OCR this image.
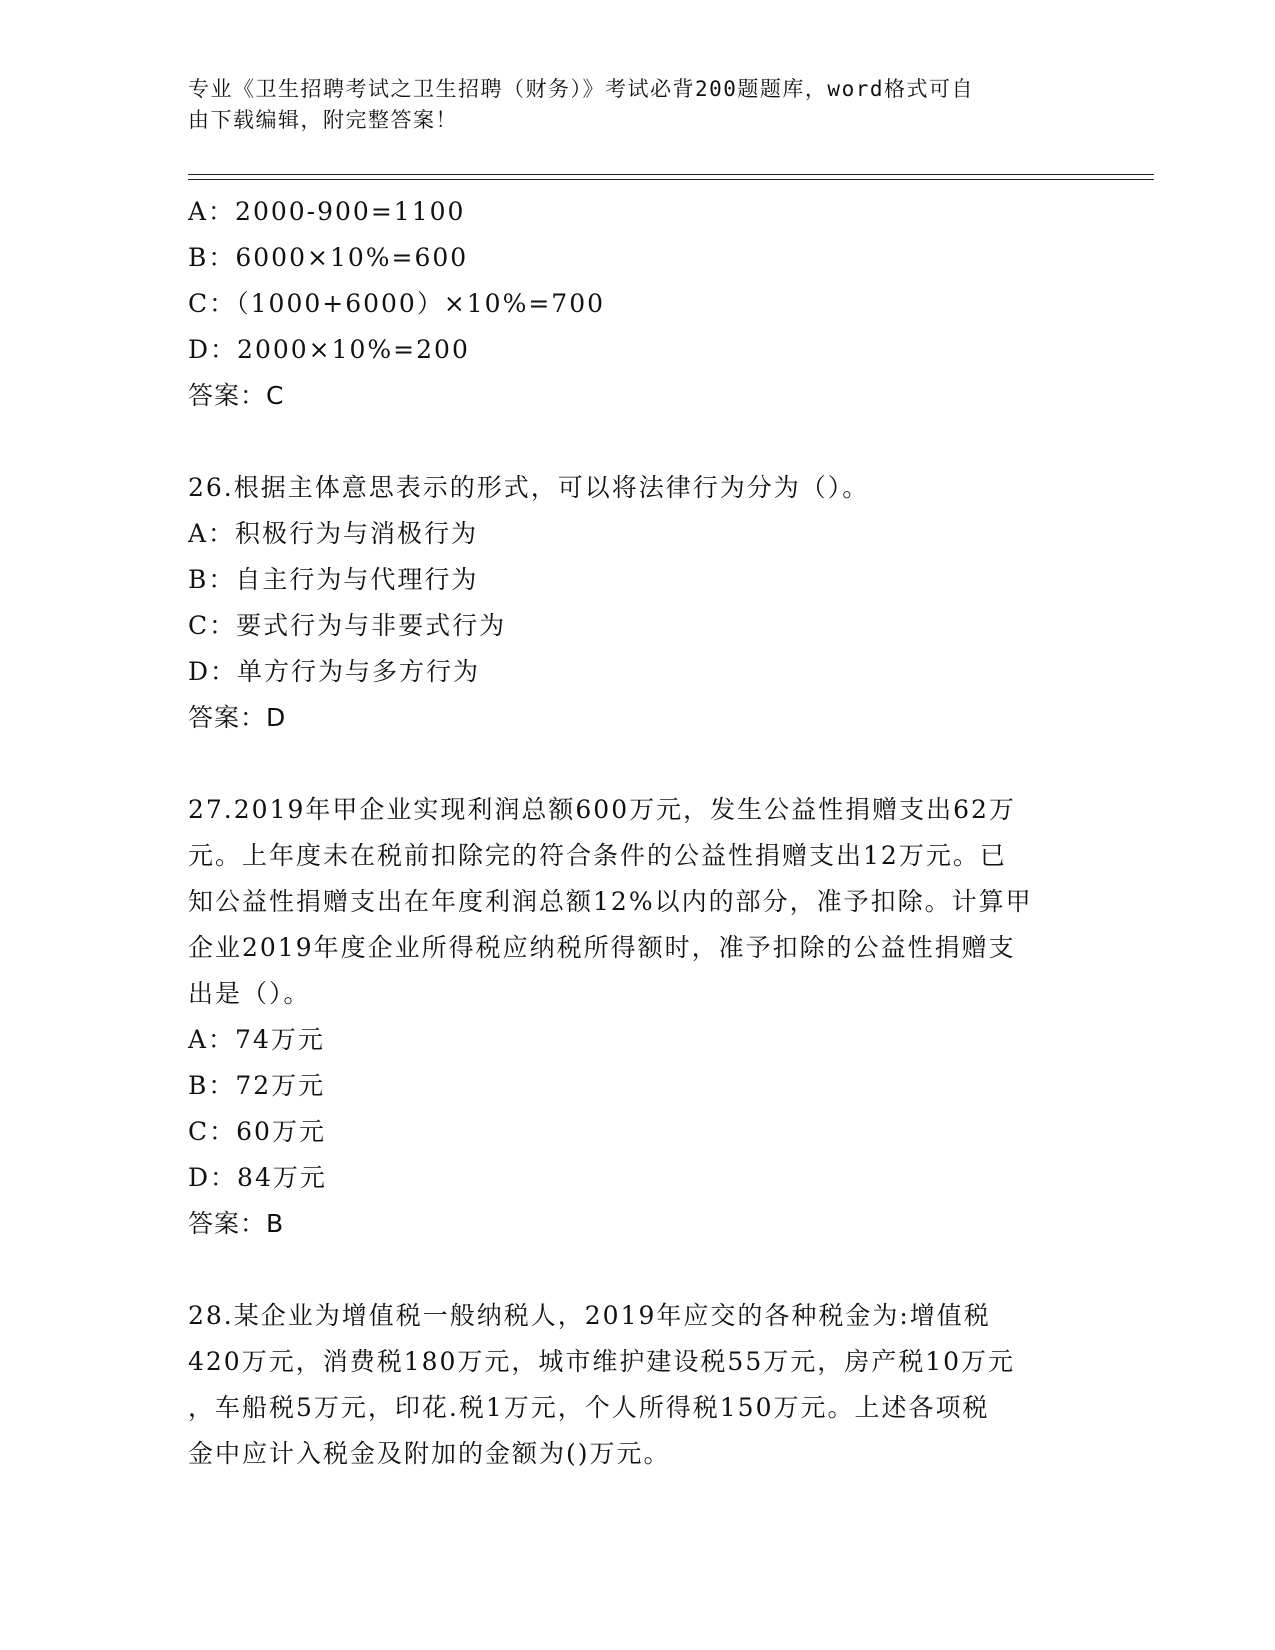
专业《卫生招聘考试之卫生招聘（财务）》考试必背200题题库，word格式可自
由下载编辑，附完整答案！
A：2000-900=1100
B：6000×10%=600
C：（1000+6000）×10%=700
D：2000×10%=200
答案：C
26.根据主体意思表示的形式，可以将法律行为分为（）。
A：积极行为与消极行为
B：自主行为与代理行为
C：要式行为与非要式行为
D：单方行为与多方行为
答案：D
27.2019年甲企业实现利润总额600万元，发生公益性捐赠支出62万
元。上年度未在税前扣除完的符合条件的公益性捐赠支出12万元。已
知公益性捐赠支出在年度利润总额12%以内的部分，准予扣除。计算甲
企业2019年度企业所得税应纳税所得额时，准予扣除的公益性捐赠支
出是（）。
A：74万元
B：72万元
C：60万元
D：84万元
答案：B
28.某企业为增值税一般纳税人，2019年应交的各种税金为:增值税
420万元，消费税180万元，城市维护建设税55万元，房产税10万元
，车船税5万元，印花.税1万元，个人所得税150万元。上述各项税
金中应计入税金及附加的金额为()万元。
